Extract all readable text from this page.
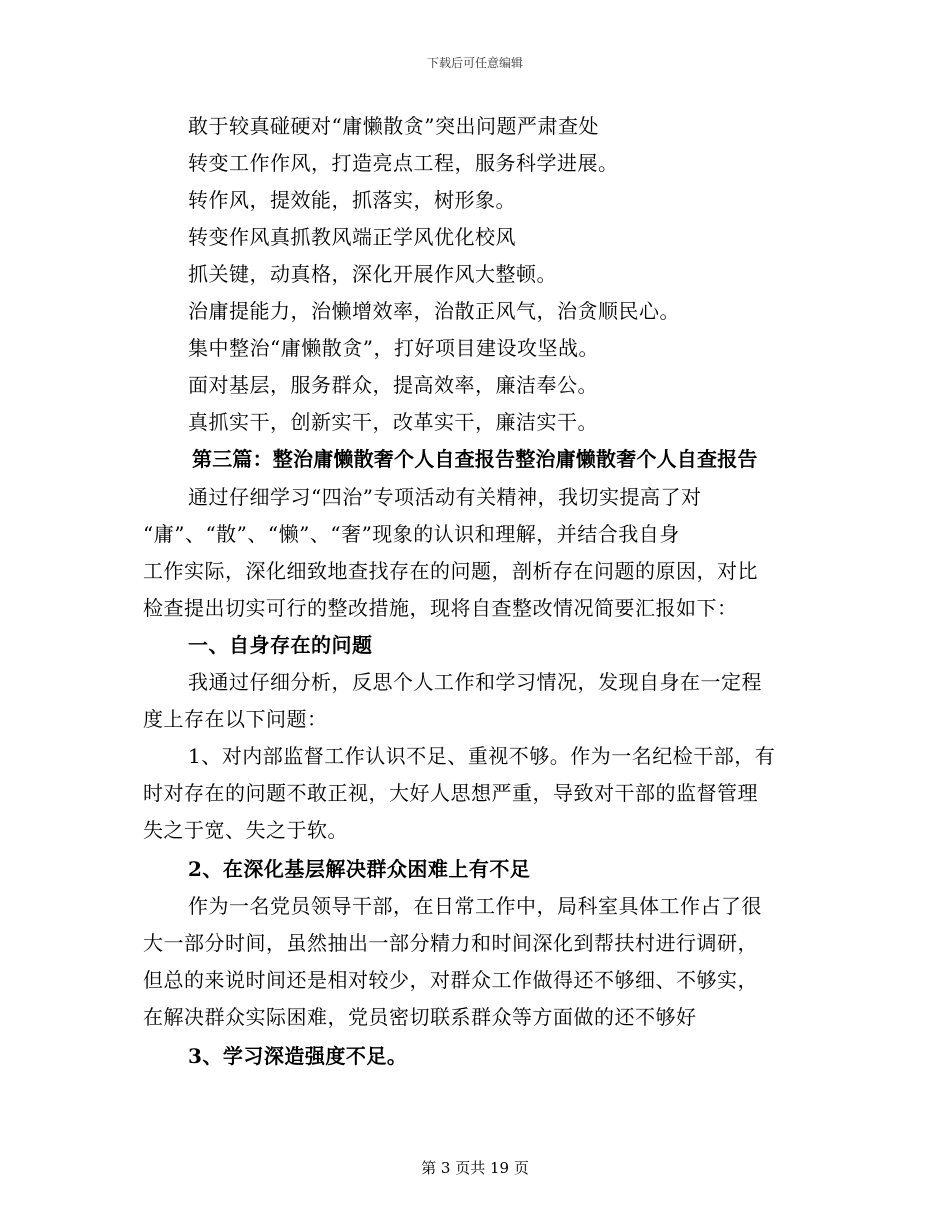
下载后可任意编辑
敢于较真碰硬对“庸懒散贪”突出问题严肃查处
转变工作作风，打造亮点工程，服务科学进展。
转作风，提效能，抓落实，树形象。
转变作风真抓教风端正学风优化校风
抓关键，动真格，深化开展作风大整顿。
治庸提能力，治懒增效率，治散正风气，治贪顺民心。
集中整治“庸懒散贪”，打好项目建设攻坚战。
面对基层，服务群众，提高效率，廉洁奉公。
真抓实干，创新实干，改革实干，廉洁实干。
第三篇：整治庸懒散奢个人自查报告整治庸懒散奢个人自查报告
通过仔细学习“四治”专项活动有关精神，我切实提高了对
“庸”、“散”、“懒”、“奢”现象的认识和理解，并结合我自身
工作实际，深化细致地查找存在的问题，剖析存在问题的原因，对比
检查提出切实可行的整改措施，现将自查整改情况简要汇报如下：
一、自身存在的问题
我通过仔细分析，反思个人工作和学习情况，发现自身在一定程
度上存在以下问题：
1、对内部监督工作认识不足、重视不够。作为一名纪检干部，有
时对存在的问题不敢正视，大好人思想严重，导致对干部的监督管理
失之于宽、失之于软。
2、在深化基层解决群众困难上有不足
作为一名党员领导干部，在日常工作中，局科室具体工作占了很
大一部分时间，虽然抽出一部分精力和时间深化到帮扶村进行调研，
但总的来说时间还是相对较少，对群众工作做得还不够细、不够实，
在解决群众实际困难，党员密切联系群众等方面做的还不够好
3、学习深造强度不足。
第 3 页共 19 页
